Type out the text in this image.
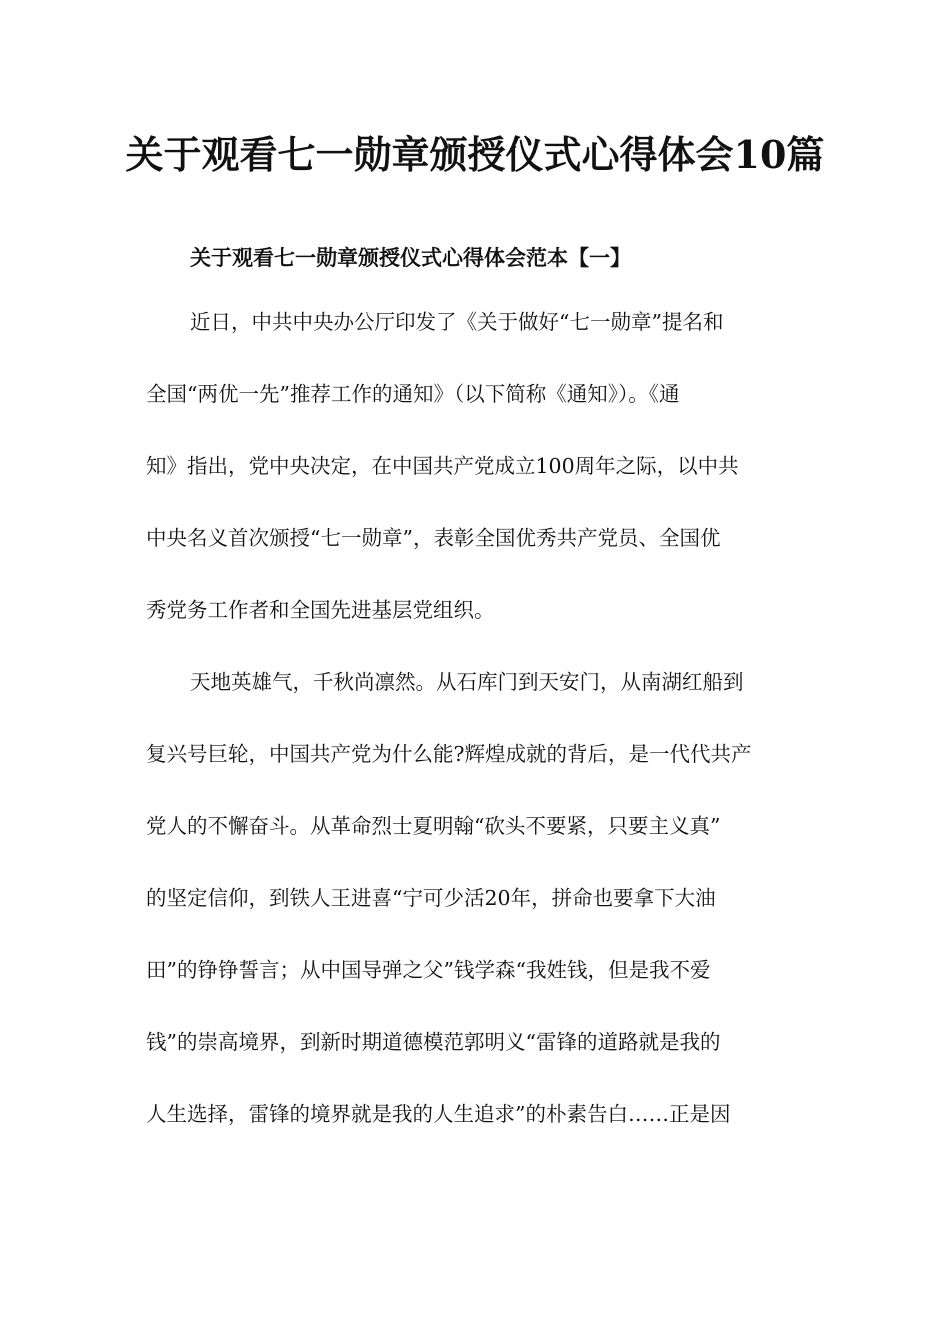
关于观看七一勋章颁授仪式心得体会10篇
关于观看七一勋章颁授仪式心得体会范本【一】

近日，中共中央办公厅印发了《关于做好“七一勋章”提名和
全国“两优一先”推荐工作的通知》（以下简称《通知》）。《通
知》指出，党中央决定，在中国共产党成立100周年之际，以中共
中央名义首次颁授“七一勋章”，表彰全国优秀共产党员、全国优
秀党务工作者和全国先进基层党组织。

天地英雄气，千秋尚凛然。从石库门到天安门，从南湖红船到
复兴号巨轮，中国共产党为什么能?辉煌成就的背后，是一代代共产
党人的不懈奋斗。从革命烈士夏明翰“砍头不要紧，只要主义真”
的坚定信仰，到铁人王进喜“宁可少活20年，拼命也要拿下大油
田”的铮铮誓言；从中国导弹之父”钱学森“我姓钱，但是我不爱
钱”的崇高境界，到新时期道德模范郭明义“雷锋的道路就是我的
人生选择，雷锋的境界就是我的人生追求”的朴素告白……正是因
